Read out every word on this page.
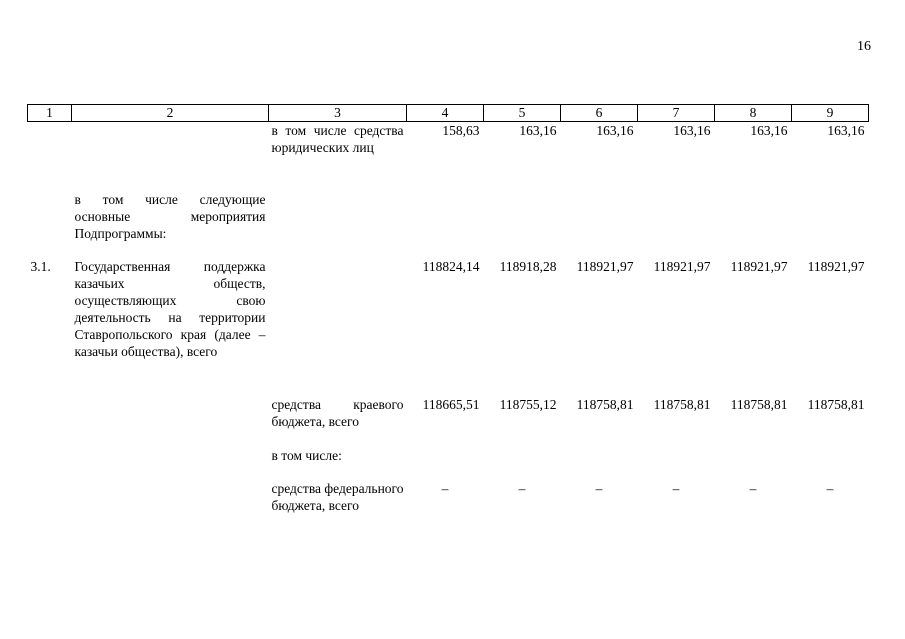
16
1	2	3	4	5	6	7	8	9
		в том числе средства юридических лиц	158,63	163,16	163,16	163,16	163,16	163,16
	в том числе следующие основные мероприятия Подпрограммы:							
3.1.	Государственная поддержка казачьих обществ, осуществляющих свою деятельность на территории Ставропольского края (далее – казачьи общества), всего		118824,14	118918,28	118921,97	118921,97	118921,97	118921,97
		средства краевого бюджета, всего	118665,51	118755,12	118758,81	118758,81	118758,81	118758,81
		в том числе:						
		средства федерального бюджета, всего	–	–	–	–	–	–
